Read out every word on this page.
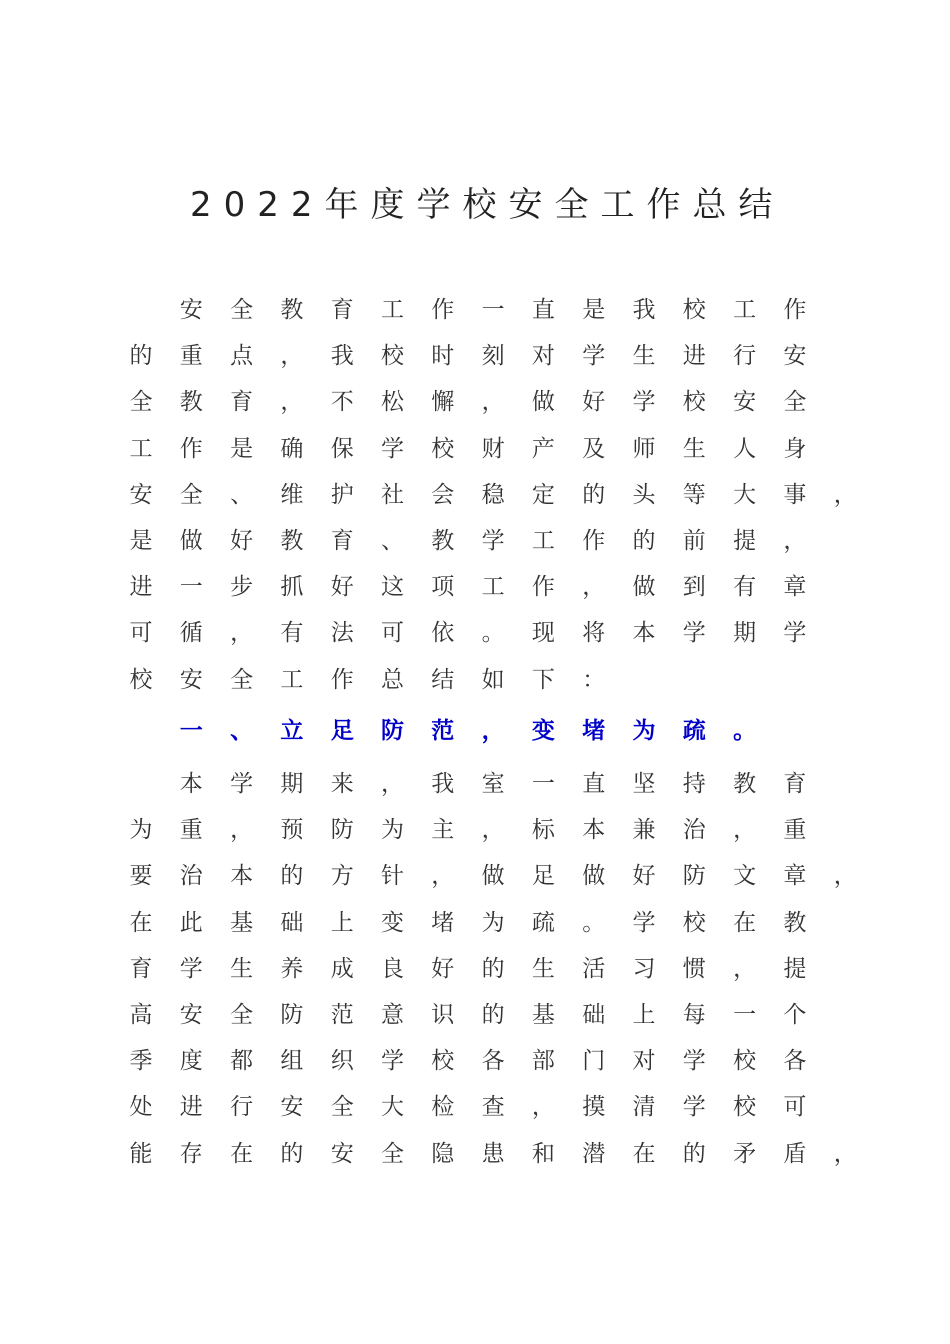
2022年度学校安全工作总结
安 全 教 育 工 作 一 直 是 我 校 工 作
的 重 点 ， 我 校 时 刻 对 学 生 进 行 安
全 教 育 ， 不 松 懈 ， 做 好 学 校 安 全
工 作 是 确 保 学 校 财 产 及 师 生 人 身
安 全 、 维 护 社 会 稳 定 的 头 等 大 事 ，
是 做 好 教 育 、 教 学 工 作 的 前 提 ，
进 一 步 抓 好 这 项 工 作 ， 做 到 有 章
可 循 ， 有 法 可 依 。 现 将 本 学 期 学
校 安 全 工 作 总 结 如 下 ：
一 、 立 足 防 范 ， 变 堵 为 疏 。
本 学 期 来 ， 我 室 一 直 坚 持 教 育
为 重 ， 预 防 为 主 ， 标 本 兼 治 ， 重
要 治 本 的 方 针 ， 做 足 做 好 防 文 章 ，
在 此 基 础 上 变 堵 为 疏 。 学 校 在 教
育 学 生 养 成 良 好 的 生 活 习 惯 ， 提
高 安 全 防 范 意 识 的 基 础 上 每 一 个
季 度 都 组 织 学 校 各 部 门 对 学 校 各
处 进 行 安 全 大 检 查 ， 摸 清 学 校 可
能 存 在 的 安 全 隐 患 和 潜 在 的 矛 盾 ，
